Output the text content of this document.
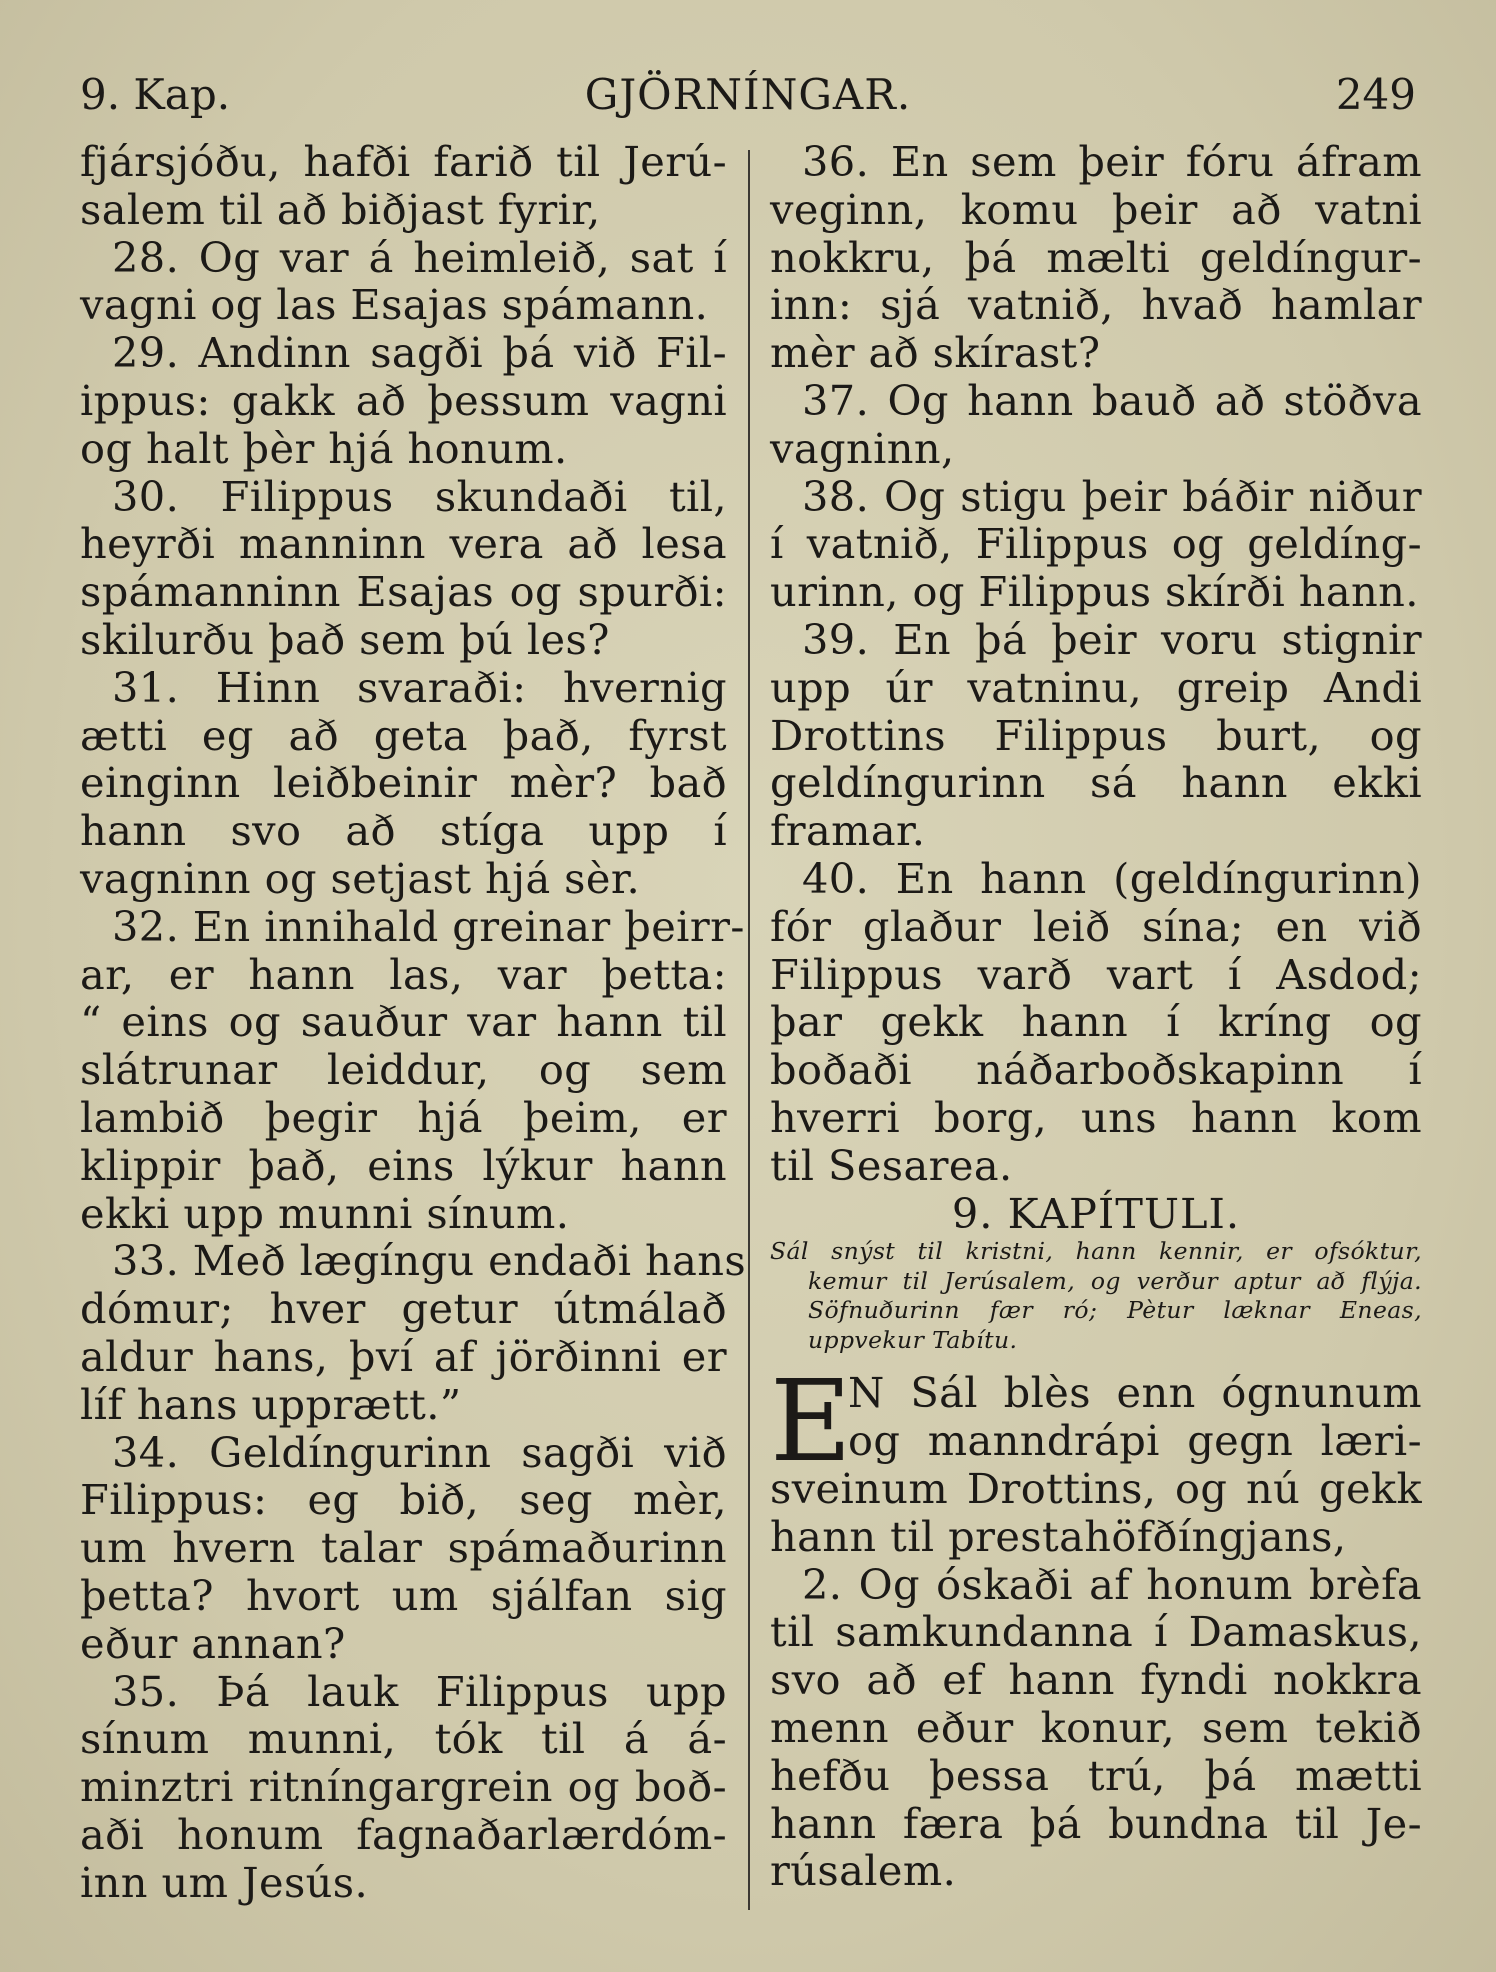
9. Kap.	GJÖRNÍNGAR.	249
fjársjóðu, hafði farið til Jerú-
salem til að biðjast fyrir,
28. Og var á heimleið, sat í
vagni og las Esajas spámann.
29. Andinn sagði þá við Fil-
ippus: gakk að þessum vagni
og halt þèr hjá honum.
30. Filippus skundaði til,
heyrði manninn vera að lesa
spámanninn Esajas og spurði:
skilurðu það sem þú les?
31. Hinn svaraði: hvernig
ætti eg að geta það, fyrst
einginn leiðbeinir mèr? bað
hann svo að stíga upp í
vagninn og setjast hjá sèr.
32. En innihald greinar þeirr-
ar, er hann las, var þetta:
“ eins og sauður var hann til
slátrunar leiddur, og sem
lambið þegir hjá þeim, er
klippir það, eins lýkur hann
ekki upp munni sínum.
33. Með lægíngu endaði hans
dómur; hver getur útmálað
aldur hans, því af jörðinni er
líf hans upprætt.”
34. Geldíngurinn sagði við
Filippus: eg bið, seg mèr,
um hvern talar spámaðurinn
þetta? hvort um sjálfan sig
eður annan?
35. Þá lauk Filippus upp
sínum munni, tók til á á-
minztri ritníngargrein og boð-
aði honum fagnaðarlærdóm-
inn um Jesús.
36. En sem þeir fóru áfram
veginn, komu þeir að vatni
nokkru, þá mælti geldíngur-
inn: sjá vatnið, hvað hamlar
mèr að skírast?
37. Og hann bauð að stöðva
vagninn,
38. Og stigu þeir báðir niður
í vatnið, Filippus og geldíng-
urinn, og Filippus skírði hann.
39. En þá þeir voru stignir
upp úr vatninu, greip Andi
Drottins Filippus burt, og
geldíngurinn sá hann ekki
framar.
40. En hann (geldíngurinn)
fór glaður leið sína; en við
Filippus varð vart í Asdod;
þar gekk hann í kríng og
boðaði náðarboðskapinn í
hverri borg, uns hann kom
til Sesarea.
9. KAPÍTULI.
Sál snýst til kristni, hann kennir, er ofsóktur,
kemur til Jerúsalem, og verður aptur að flýja.
Söfnuðurinn fær ró; Pètur læknar Eneas,
uppvekur Tabítu.
E
N Sál blès enn ógnunum
og manndrápi gegn læri-
sveinum Drottins, og nú gekk
hann til prestahöfðíngjans,
2. Og óskaði af honum brèfa
til samkundanna í Damaskus,
svo að ef hann fyndi nokkra
menn eður konur, sem tekið
hefðu þessa trú, þá mætti
hann færa þá bundna til Je-
rúsalem.
